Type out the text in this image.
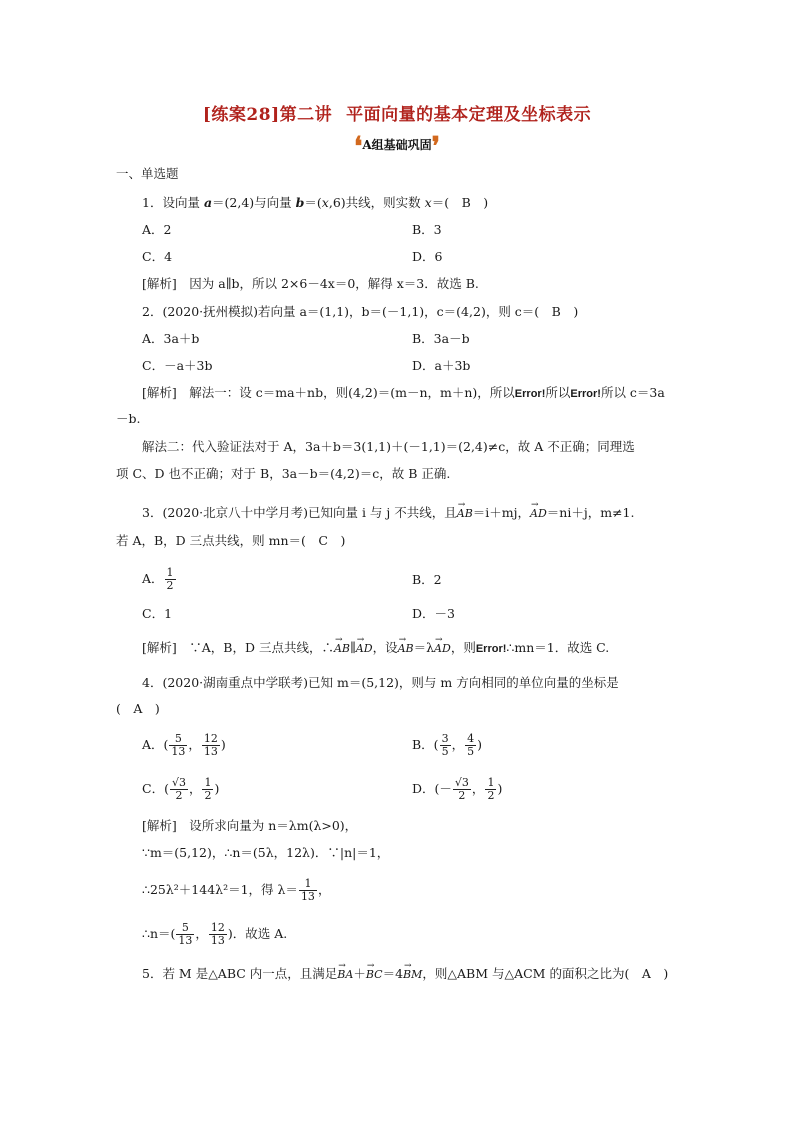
[练案28]第二讲 平面向量的基本定理及坐标表示
❛A组基础巩固❜
一、单选题
1．设向量 a＝(2,4)与向量 b＝(x,6)共线，则实数 x＝(　B　)
A．2	B．3
C．4	D．6
[解析]　因为 a∥b，所以 2×6－4x＝0，解得 x＝3．故选 B.
2．(2020·抚州模拟)若向量 a＝(1,1)，b＝(－1,1)，c＝(4,2)，则 c＝(　B　)
A．3a＋b	B．3a－b
C．－a＋3b	D．a＋3b
[解析]　解法一：设 c＝ma＋nb，则(4,2)＝(m－n，m＋n)，所以Error!所以Error!所以 c＝3a
－b.
解法二：代入验证法对于 A，3a＋b＝3(1,1)＋(－1,1)＝(2,4)≠c，故 A 不正确；同理选
项 C、D 也不正确；对于 B，3a－b＝(4,2)＝c，故 B 正确.
3．(2020·北京八十中学月考)已知向量 i 与 j 不共线，且→ AB＝i＋mj，→ AD＝ni＋j，m≠1.
若 A，B，D 三点共线，则 mn＝(　C　)
A． $\frac{1}{2}$	B．2
C．1	D．－3
[解析]　∵A，B，D 三点共线，∴→ AB∥→ AD，设→ AB＝λ→ AD，则Error!∴mn＝1．故选 C.
4．(2020·湖南重点中学联考)已知 m＝(5,12)，则与 m 方向相同的单位向量的坐标是
(　A　)
A．( $\frac{5}{13}$ ， $\frac{12}{13}$ )	B．( $\frac{3}{5}$ ， $\frac{4}{5}$ )
C．( $\frac{√3}{2}$ ， $\frac{1}{2}$ )	D．(－ $\frac{√3}{2}$ ， $\frac{1}{2}$ )
[解析]　设所求向量为 n＝λm(λ>0)，
∵m＝(5,12)，∴n＝(5λ，12λ)．∵|n|＝1，
∴25λ²＋144λ²＝1，得 $\lambda= \frac{1}{13}$ ，
∴n＝( $\frac{5}{13}$ ， $\frac{12}{13}$ )．故选 A.
5．若 M 是△ABC 内一点，且满足→ BA＋→ BC＝4→ BM，则△ABM 与△ACM 的面积之比为(　A　)
